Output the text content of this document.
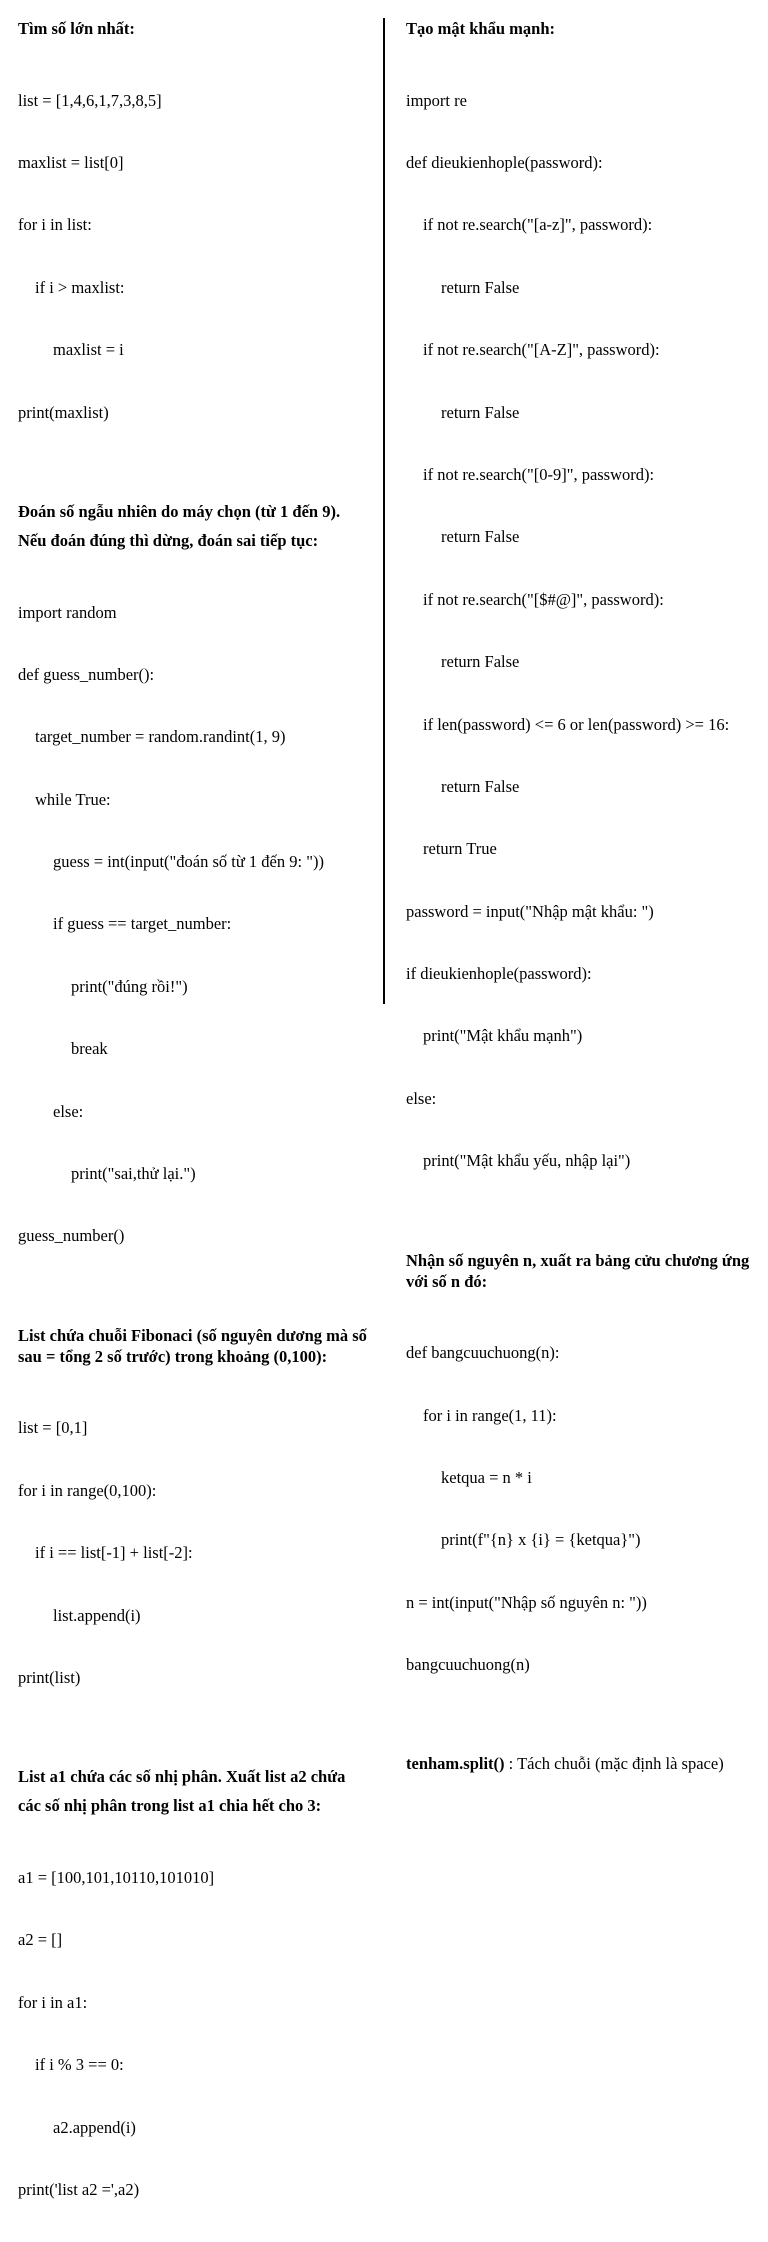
Tìm số lớn nhất:

list = [1,4,6,1,7,3,8,5]

maxlist = list[0]

for i in list:

if i > maxlist:

maxlist = i

print(maxlist)

Đoán số ngẫu nhiên do máy chọn (từ 1 đến 9).
Nếu đoán đúng thì dừng, đoán sai tiếp tục:

import random

def guess_number():

target_number = random.randint(1, 9)

while True:

guess = int(input("đoán số từ 1 đến 9: "))

if guess == target_number:

print("đúng rồi!")

break

else:

print("sai,thử lại.")

guess_number()

List chứa chuỗi Fibonaci (số nguyên dương mà số sau = tổng 2 số trước) trong khoảng (0,100):

list = [0,1]

for i in range(0,100):

if i == list[-1] + list[-2]:

list.append(i)

print(list)

List a1 chứa các số nhị phân. Xuất list a2 chứa
các số nhị phân trong list a1 chia hết cho 3:

a1 = [100,101,10110,101010]

a2 = []

for i in a1:

if i % 3 == 0:

a2.append(i)

print('list a2 =',a2)

Tạo mật khẩu mạnh:

import re

def dieukienhople(password):

if not re.search("[a-z]", password):

return False

if not re.search("[A-Z]", password):

return False

if not re.search("[0-9]", password):

return False

if not re.search("[$#@]", password):

return False

if len(password) <= 6 or len(password) >= 16:

return False

return True

password = input("Nhập mật khẩu: ")

if dieukienhople(password):

print("Mật khẩu mạnh")

else:

print("Mật khẩu yếu, nhập lại")

Nhận số nguyên n, xuất ra bảng cửu chương ứng với số n đó:

def bangcuuchuong(n):

for i in range(1, 11):

ketqua = n * i

print(f"{n} x {i} = {ketqua}")

n = int(input("Nhập số nguyên n: "))

bangcuuchuong(n)

tenham.split() : Tách chuỗi (mặc định là space)
